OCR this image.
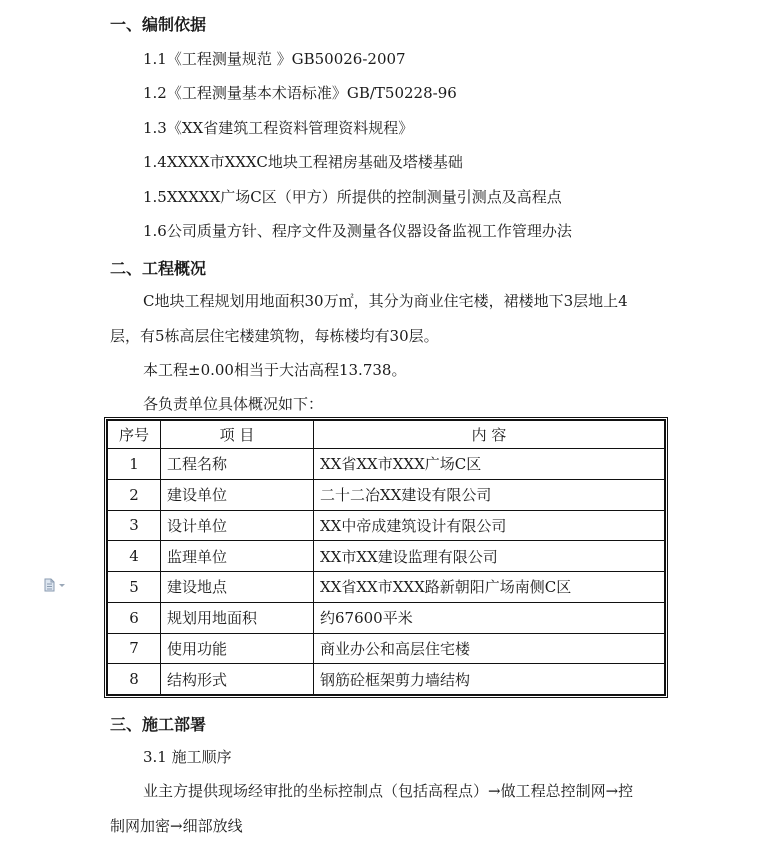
一、编制依据
1.1《工程测量规范 》GB50026-2007
1.2《工程测量基本术语标准》GB/T50228-96
1.3《XX省建筑工程资料管理资料规程》
1.4XXXX市XXXC地块工程裙房基础及塔楼基础
1.5XXXXX广场C区（甲方）所提供的控制测量引测点及高程点
1.6公司质量方针、程序文件及测量各仪器设备监视工作管理办法
二、工程概况
C地块工程规划用地面积30万㎡，其分为商业住宅楼，裙楼地下3层地上4
层，有5栋高层住宅楼建筑物，每栋楼均有30层。
本工程±0.00相当于大沽高程13.738。
各负责单位具体概况如下：
序号	项 目	内 容
1	工程名称	XX省XX市XXX广场C区
2	建设单位	二十二冶XX建设有限公司
3	设计单位	XX中帝成建筑设计有限公司
4	监理单位	XX市XX建设监理有限公司
5	建设地点	XX省XX市XXX路新朝阳广场南侧C区
6	规划用地面积	约67600平米
7	使用功能	商业办公和高层住宅楼
8	结构形式	钢筋砼框架剪力墙结构
三、施工部署
3.1 施工顺序
业主方提供现场经审批的坐标控制点（包括高程点）→做工程总控制网→控
制网加密→细部放线
